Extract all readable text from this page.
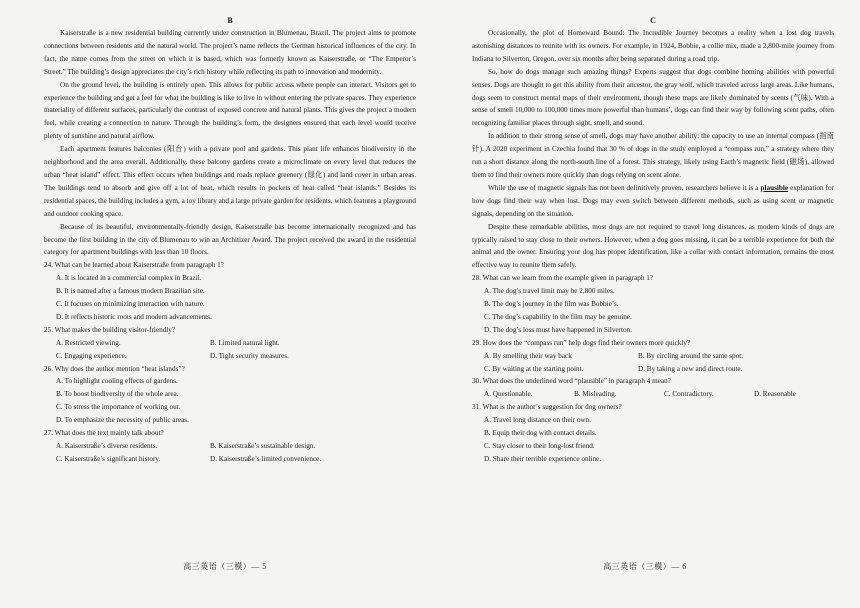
B

Kaiserstraße is a new residential building currently under construction in Blumenau, Brazil. The project aims to promote connections between residents and the natural world. The project’s name reflects the German historical influences of the city. In fact, the name comes from the street on which it is based, which was formerly known as Kaiserstraße, or “The Emperor’s Street.” The building’s design appreciates the city’s rich history while reflecting its path to innovation and modernity.

On the ground level, the building is entirely open. This allows for public access where people can interact. Visitors get to experience the building and get a feel for what the building is like to live in without entering the private spaces. They experience materiality of different surfaces, particularly the contrast of exposed concrete and natural plants. This gives the project a modern feel, while creating a connection to nature. Through the building’s form, the designers ensured that each level would receive plenty of sunshine and natural airflow.

Each apartment features balconies (阳台) with a private pool and gardens. This plant life enhances biodiversity in the neighborhood and the area overall. Additionally, these balcony gardens create a microclimate on every level that reduces the urban “heat island” effect. This effect occurs when buildings and roads replace greenery (绿化) and land cover in urban areas. The buildings tend to absorb and give off a lot of heat, which results in pockets of heat called “heat islands.” Besides its residential spaces, the building includes a gym, a toy library and a large private garden for residents, which features a playground and outdoor cooking space.

Because of its beautiful, environmentally-friendly design, Kaiserstraße has become internationally recognized and has become the first building in the city of Blumenau to win an Architizer Award. The project received the award in the residential category for apartment buildings with less than 10 floors.

24. What can be learned about Kaiserstraße from paragraph 1?
A. It is located in a commercial complex in Brazil.
B. It is named after a famous modern Brazilian site.
C. It focuses on minimizing interaction with nature.
D. It reflects historic roots and modern advancements.
25. What makes the building visitor-friendly?
A. Restricted viewing.	B. Limited natural light.
C. Engaging experience.	D. Tight security measures.
26. Why does the author mention “heat islands”?
A. To highlight cooling effects of gardens.
B. To boost biodiversity of the whole area.
C. To stress the importance of working out.
D. To emphasize the necessity of public areas.
27. What does the text mainly talk about?
A. Kaiserstraße’s diverse residents.	B. Kaiserstraße’s sustainable design.
C. Kaiserstraße’s significant history.	D. Kaiserstraße’s limited convenience.
高三英语（三模）— 5
C

Occasionally, the plot of Homeward Bound: The Incredible Journey becomes a reality when a lost dog travels astonishing distances to reunite with its owners. For example, in 1924, Bobbie, a collie mix, made a 2,800-mile journey from Indiana to Silverton, Oregon, over six months after being separated during a road trip.

So, how do dogs manage such amazing things? Experts suggest that dogs combine homing abilities with powerful senses. Dogs are thought to get this ability from their ancestor, the gray wolf, which traveled across large areas. Like humans, dogs seem to construct mental maps of their environment, though these maps are likely dominated by scents (气味). With a sense of smell 10,000 to 100,000 times more powerful than humans’, dogs can find their way by following scent paths, often recognizing familiar places through sight, smell, and sound.

In addition to their strong sense of smell, dogs may have another ability: the capacity to use an internal compass (指南针). A 2020 experiment in Czechia found that 30 % of dogs in the study employed a “compass run,” a strategy where they run a short distance along the north-south line of a forest. This strategy, likely using Earth’s magnetic field (磁场), allowed them to find their owners more quickly than dogs relying on scent alone.

While the use of magnetic signals has not been definitively proven, researchers believe it is a plausible explanation for how dogs find their way when lost. Dogs may even switch between different methods, such as using scent or magnetic signals, depending on the situation.

Despite these remarkable abilities, most dogs are not required to travel long distances, as modern kinds of dogs are typically raised to stay close to their owners. However, when a dog goes missing, it can be a terrible experience for both the animal and the owner. Ensuring your dog has proper identification, like a collar with contact information, remains the most effective way to reunite them safely.

28. What can we learn from the example given in paragraph 1?
A. The dog’s travel limit may be 2,800 miles.
B. The dog’s journey in the film was Bobbie’s.
C. The dog’s capability in the film may be genuine.
D. The dog’s loss must have happened in Silverton.
29. How does the “compass run” help dogs find their owners more quickly?
A. By smelling their way back	B. By circling around the same spot.
C. By waiting at the starting point.	D. By taking a new and direct route.
30. What does the underlined word “plausible” in paragraph 4 mean?
A. Questionable.	B. Misleading.	C. Contradictory.	D. Reasonable
31. What is the author’s suggestion for dog owners?
A. Travel long distance on their own.
B. Equip their dog with contact details.
C. Stay closer to their long-lost friend.
D. Share their terrible experience online.
高三英语（三模）— 6
